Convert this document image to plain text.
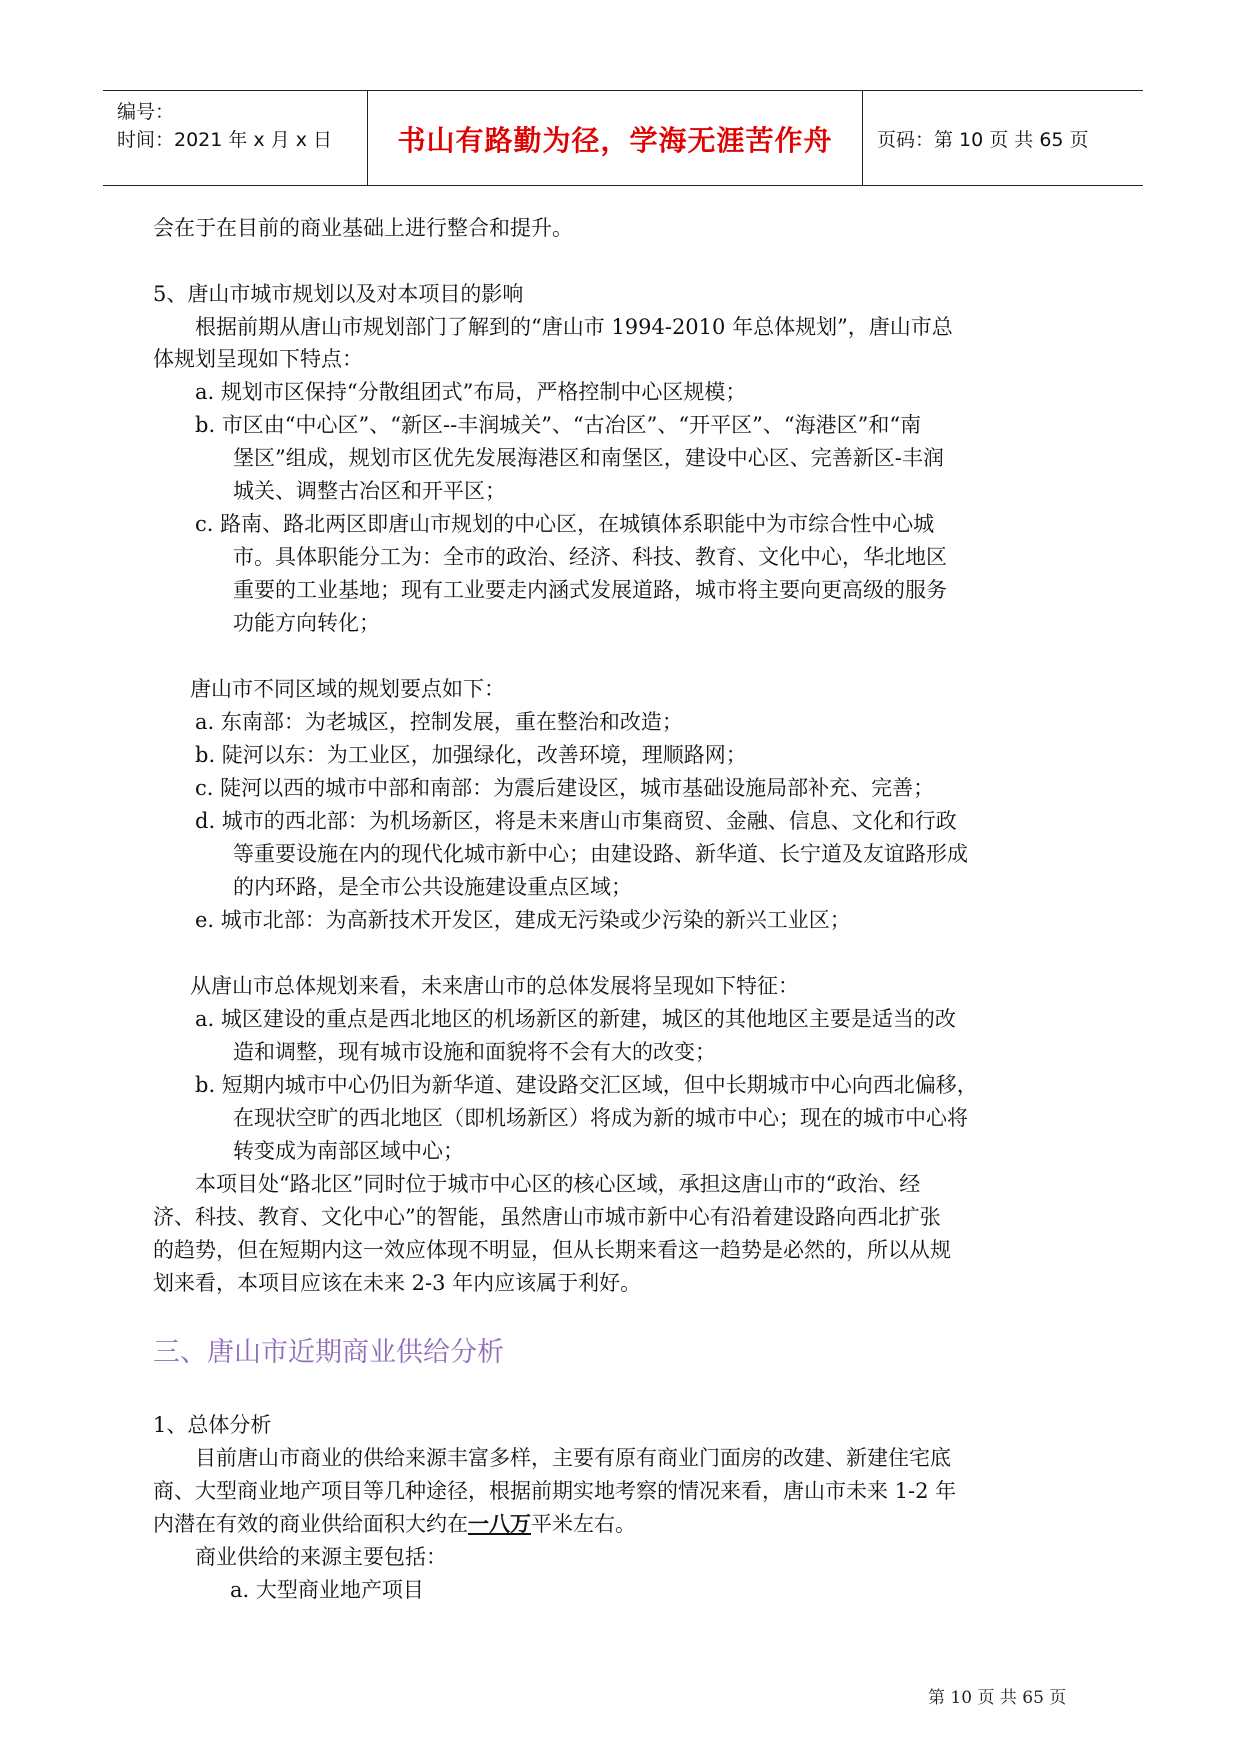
编号：
时间：2021 年 x 月 x 日	书山有路勤为径，学海无涯苦作舟	页码：第 10 页 共 65 页
会在于在目前的商业基础上进行整合和提升。
5、唐山市城市规划以及对本项目的影响
根据前期从唐山市规划部门了解到的“唐山市 1994-2010 年总体规划”，唐山市总
体规划呈现如下特点：
a. 规划市区保持“分散组团式”布局，严格控制中心区规模；
b. 市区由“中心区”、“新区--丰润城关”、“古冶区”、“开平区”、“海港区”和“南
堡区”组成，规划市区优先发展海港区和南堡区，建设中心区、完善新区-丰润
城关、调整古冶区和开平区；
c. 路南、路北两区即唐山市规划的中心区，在城镇体系职能中为市综合性中心城
市。具体职能分工为：全市的政治、经济、科技、教育、文化中心，华北地区
重要的工业基地；现有工业要走内涵式发展道路，城市将主要向更高级的服务
功能方向转化；
唐山市不同区域的规划要点如下：
a. 东南部：为老城区，控制发展，重在整治和改造；
b. 陡河以东：为工业区，加强绿化，改善环境，理顺路网；
c. 陡河以西的城市中部和南部：为震后建设区，城市基础设施局部补充、完善；
d. 城市的西北部：为机场新区，将是未来唐山市集商贸、金融、信息、文化和行政
等重要设施在内的现代化城市新中心；由建设路、新华道、长宁道及友谊路形成
的内环路，是全市公共设施建设重点区域；
e. 城市北部：为高新技术开发区，建成无污染或少污染的新兴工业区；
从唐山市总体规划来看，未来唐山市的总体发展将呈现如下特征：
a. 城区建设的重点是西北地区的机场新区的新建，城区的其他地区主要是适当的改
造和调整，现有城市设施和面貌将不会有大的改变；
b. 短期内城市中心仍旧为新华道、建设路交汇区域，但中长期城市中心向西北偏移，
在现状空旷的西北地区（即机场新区）将成为新的城市中心；现在的城市中心将
转变成为南部区域中心；
本项目处“路北区”同时位于城市中心区的核心区域，承担这唐山市的“政治、经
济、科技、教育、文化中心”的智能，虽然唐山市城市新中心有沿着建设路向西北扩张
的趋势，但在短期内这一效应体现不明显，但从长期来看这一趋势是必然的，所以从规
划来看，本项目应该在未来 2-3 年内应该属于利好。
三、唐山市近期商业供给分析
1、总体分析
目前唐山市商业的供给来源丰富多样，主要有原有商业门面房的改建、新建住宅底
商、大型商业地产项目等几种途径，根据前期实地考察的情况来看，唐山市未来 1-2 年
内潜在有效的商业供给面积大约在一八万平米左右。
商业供给的来源主要包括：
a. 大型商业地产项目
第 10 页 共 65 页
